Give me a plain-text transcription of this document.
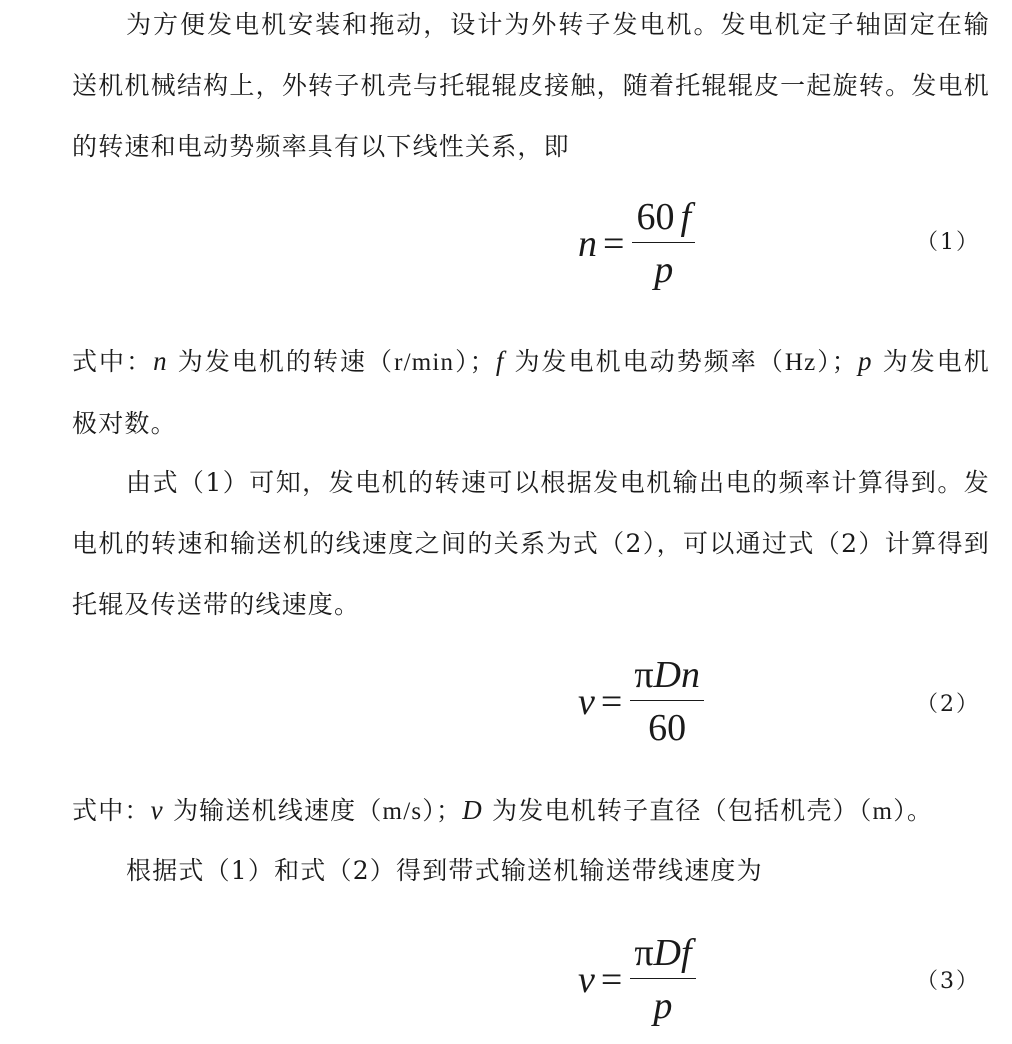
为方便发电机安装和拖动，设计为外转子发电机。发电机定子轴固定在输送机机械结构上，外转子机壳与托辊辊皮接触，随着托辊辊皮一起旋转。发电机的转速和电动势频率具有以下线性关系，即

$n = \frac{60 f}{p}$	（1）

式中：n 为发电机的转速（r/min）；f 为发电机电动势频率（Hz）；p 为发电机极对数。

由式（1）可知，发电机的转速可以根据发电机输出电的频率计算得到。发电机的转速和输送机的线速度之间的关系为式（2），可以通过式（2）计算得到托辊及传送带的线速度。

$v = \frac{\text{πDn}}{60}$	（2）

式中：v 为输送机线速度（m/s）；D 为发电机转子直径（包括机壳）（m）。

根据式（1）和式（2）得到带式输送机输送带线速度为

$v = \frac{\text{πDf}}{p}$	（3）
